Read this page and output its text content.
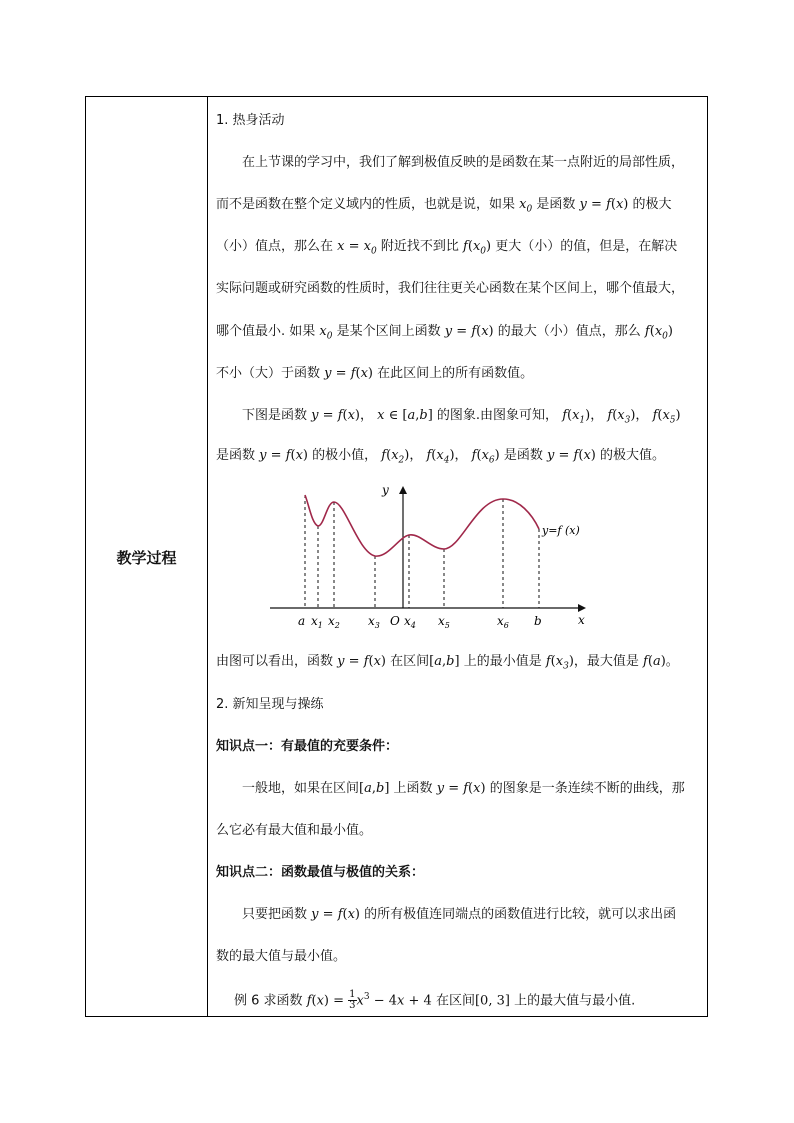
教学过程
1. 热身活动
在上节课的学习中，我们了解到极值反映的是函数在某一点附近的局部性质，
而不是函数在整个定义域内的性质，也就是说，如果 $x_0$ 是函数 y = f(x) 的极大
（小）值点，那么在 $x = x_0$ 附近找不到比 $f(x_0)$ 更大（小）的值，但是，在解决
实际问题或研究函数的性质时，我们往往更关心函数在某个区间上，哪个值最大，
哪个值最小. 如果 $x_0$ 是某个区间上函数 y = f(x) 的最大（小）值点，那么 $f(x_0)$
不小（大）于函数 y = f(x) 在此区间上的所有函数值。
下图是函数 y = f(x)， x ∈ [a,b] 的图象.由图象可知， $f(x_1)$， $f(x_3)$， $f(x_5)$
是函数 y = f(x) 的极小值， $f(x_2)$， $f(x_4)$， $f(x_6)$ 是函数 y = f(x) 的极大值。
y
x
y=f (x)
a $x_1$ $x_2$ $x_3$ O $x_4$ $x_5$	$x_6$ b
由图可以看出，函数 y = f(x) 在区间[a,b] 上的最小值是 $f(x_3)$，最大值是 f(a)。
2. 新知呈现与操练
知识点一：有最值的充要条件：
一般地，如果在区间[a,b] 上函数 y = f(x) 的图象是一条连续不断的曲线，那
么它必有最大值和最小值。
知识点二：函数最值与极值的关系：
只要把函数 y = f(x) 的所有极值连同端点的函数值进行比较，就可以求出函
数的最大值与最小值。
例 6 求函数 $f(x) = \frac{1}{3} x^3 - 4x + 4$ 在区间[0, 3] 上的最大值与最小值.
